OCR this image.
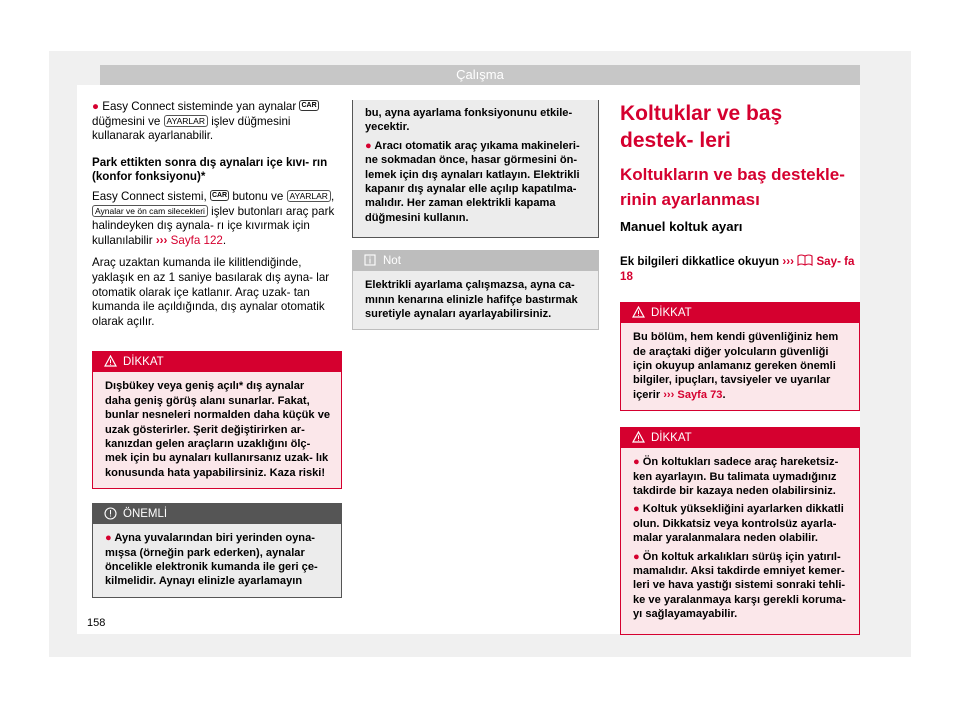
Çalışma

● Easy Connect sisteminde yan aynalar CAR düğmesini ve AYARLAR işlev düğmesini kullanarak ayarlanabilir.

Park ettikten sonra dış aynaları içe kıvı- rın (konfor fonksiyonu)*

Easy Connect sistemi, CAR butonu ve AYARLAR , Aynalar ve ön cam silecekleri işlev butonları araç park halindeyken dış aynala- rı içe kıvırmak için kullanılabilir ››› Sayfa 122.

Araç uzaktan kumanda ile kilitlendiğinde, yaklaşık en az 1 saniye basılarak dış ayna- lar otomatik olarak içe katlanır. Araç uzak- tan kumanda ile açıldığında, dış aynalar otomatik olarak açılır.

DİKKAT
Dışbükey veya geniş açılı* dış aynalar daha geniş görüş alanı sunarlar. Fakat, bunlar nesneleri normalden daha küçük ve uzak gösterirler. Şerit değiştirirken ar- kanızdan gelen araçların uzaklığını ölç- mek için bu aynaları kullanırsanız uzak- lık konusunda hata yapabilirsiniz. Kaza riski!
ÖNEMLİ
● Ayna yuvalarından biri yerinden oyna- mışsa (örneğin park ederken), aynalar öncelikle elektronik kumanda ile geri çe- kilmelidir. Aynayı elinizle ayarlamayın

bu, ayna ayarlama fonksiyonunu etkile- yecektir.

● Aracı otomatik araç yıkama makineleri- ne sokmadan önce, hasar görmesini ön- lemek için dış aynaları katlayın. Elektrikli kapanır dış aynalar elle açılıp kapatılma- malıdır. Her zaman elektrikli kapama düğmesini kullanın.

Not
Elektrikli ayarlama çalışmazsa, ayna ca- mının kenarına elinizle hafifçe bastırmak suretiyle aynaları ayarlayabilirsiniz.
Koltuklar ve baş destek- leri
Koltukların ve baş destekle- rinin ayarlanması
Manuel koltuk ayarı

Ek bilgileri dikkatlice okuyun ››› Say- fa 18

DİKKAT
Bu bölüm, hem kendi güvenliğiniz hem de araçtaki diğer yolcuların güvenliği için okuyup anlamanız gereken önemli bilgiler, ipuçları, tavsiyeler ve uyarılar içerir ››› Sayfa 73.
DİKKAT

● Ön koltukları sadece araç hareketsiz- ken ayarlayın. Bu talimata uymadığınız takdirde bir kazaya neden olabilirsiniz.

● Koltuk yüksekliğini ayarlarken dikkatli olun. Dikkatsiz veya kontrolsüz ayarla- malar yaralanmalara neden olabilir.

● Ön koltuk arkalıkları sürüş için yatırıl- mamalıdır. Aksi takdirde emniyet kemer- leri ve hava yastığı sistemi sonraki tehli- ke ve yaralanmaya karşı gerekli koruma- yı sağlayamayabilir.

158
